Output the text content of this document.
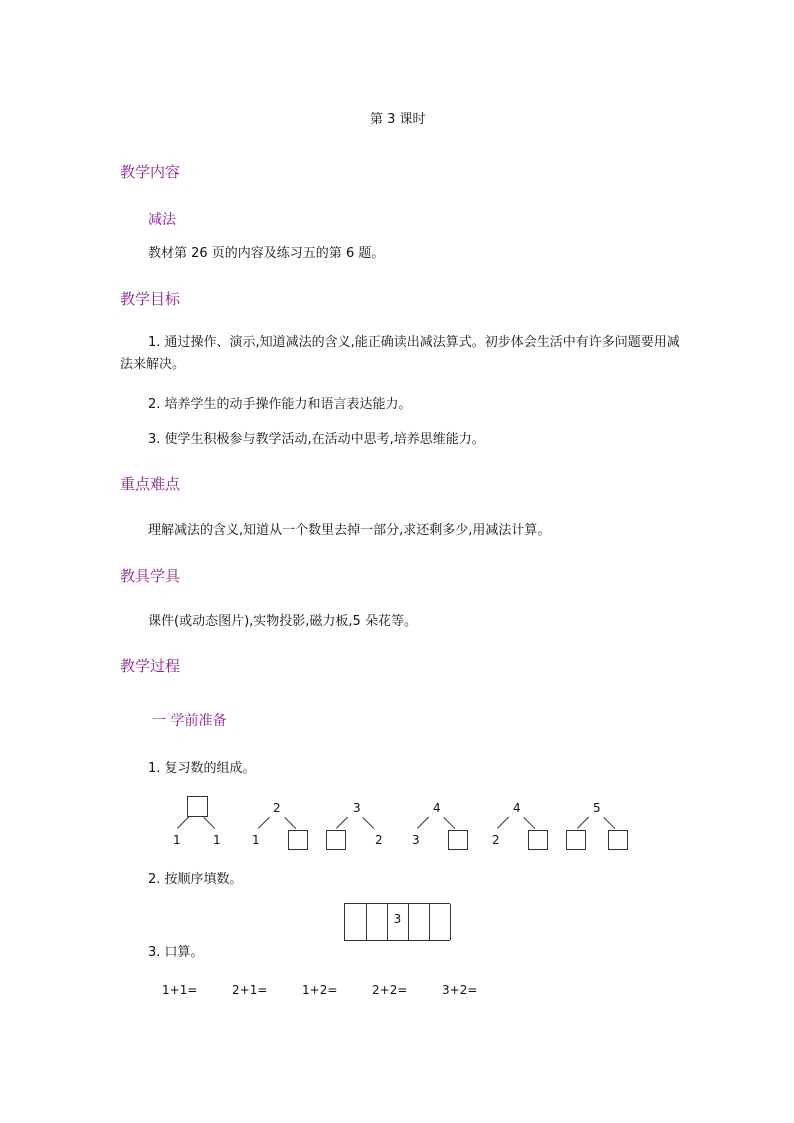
第 3 课时
教学内容
减法
教材第 26 页的内容及练习五的第 6 题。
教学目标
1. 通过操作、演示,知道减法的含义,能正确读出减法算式。初步体会生活中有许多问题要用减法来解决。
2. 培养学生的动手操作能力和语言表达能力。
3. 使学生积极参与教学活动,在活动中思考,培养思维能力。
重点难点
理解减法的含义,知道从一个数里去掉一部分,求还剩多少,用减法计算。
教具学具
课件(或动态图片),实物投影,磁力板,5 朵花等。
教学过程
一 学前准备
1. 复习数的组成。
1	1
2
1
3
2
4
3
4
2
5
2. 按顺序填数。
3
3. 口算。
1+1=	2+1=	1+2=	2+2=	3+2=
